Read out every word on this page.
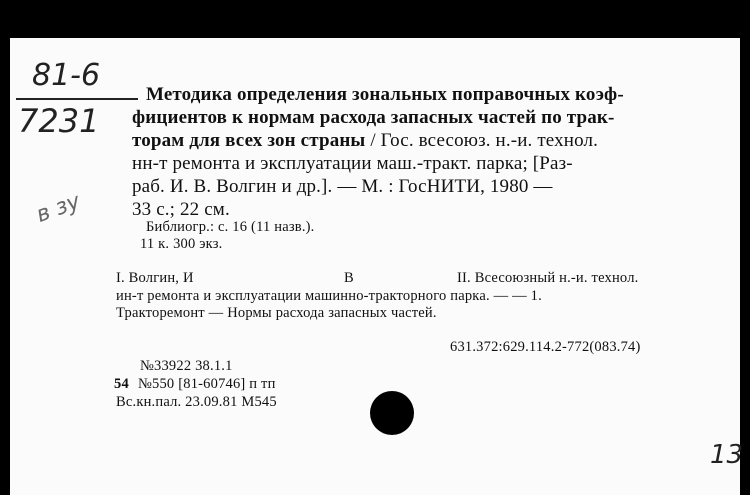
81-6
7231
в зу
13
Методика определения зональных поправочных коэф-
фициентов к нормам расхода запасных частей по трак-
торам для всех зон страны / Гос. всесоюз. н.-и. технол.
нн-т ремонта и эксплуатации маш.-тракт. парка; [Раз-
раб. И. В. Волгин и др.]. — М. : ГосНИТИ, 1980 —
33 с.; 22 см.
Библиогр.: с. 16 (11 назв.).
11 к. 300 экз.
I. Волгин, И	В	II. Всесоюзный н.-и. технол.
ин-т ремонта и эксплуатации машинно-тракторного парка. — — 1.
Тракторемонт — Нормы расхода запасных частей.
631.372:629.114.2-772(083.74)
№33922 38.1.1
54 №550 [81-60746] п тп
Вс.кн.пал. 23.09.81 М545
